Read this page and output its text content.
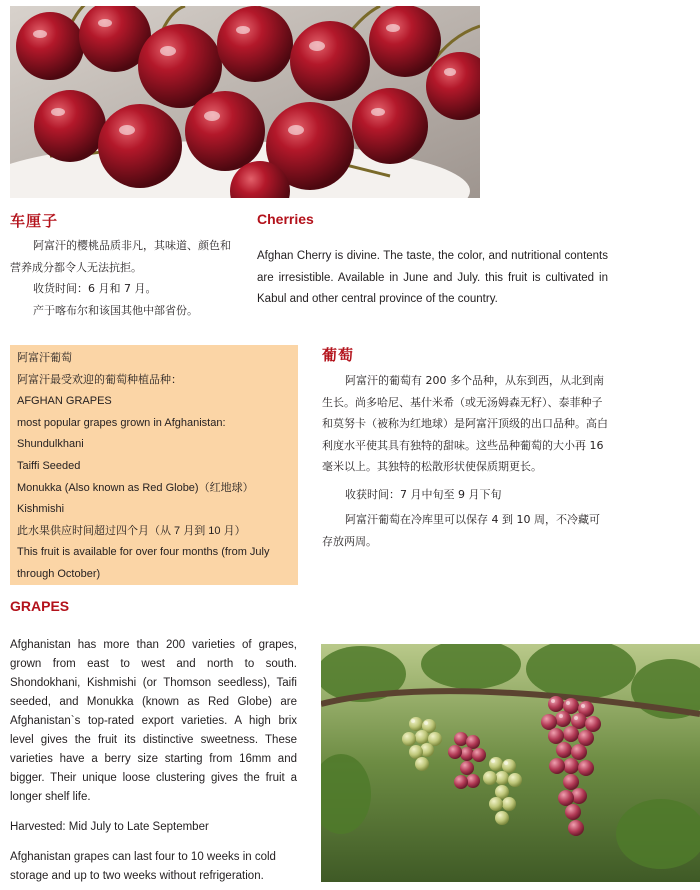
车厘子

阿富汗的樱桃品质非凡，其味道、颜色和营养成分都令人无法抗拒。

收货时间：6 月和 7 月。

产于喀布尔和该国其他中部省份。

Cherries
Afghan Cherry is divine. The taste, the color, and nutritional contents are irresistible. Available in June and July. this fruit is cultivated in Kabul and other central province of the country.
阿富汗葡萄
阿富汗最受欢迎的葡萄种植品种：
AFGHAN GRAPES
most popular grapes grown in Afghanistan:
Shundulkhani
Taiffi Seeded
Monukka (Also known as Red Globe)（红地球）
Kishmishi
此水果供应时间超过四个月（从 7 月到 10 月）
This fruit is available for over four months (from July
through October)
葡萄

阿富汗的葡萄有 200 多个品种，从东到西，从北到南生长。尚多哈尼、基什米希（或无汤姆森无籽）、泰菲种子和莫努卡（被称为红地球）是阿富汗顶级的出口品种。高白利度水平使其具有独特的甜味。这些品种葡萄的大小再 16 毫米以上。其独特的松散形状使保质期更长。

收获时间：7 月中旬至 9 月下旬

阿富汗葡萄在冷库里可以保存 4 到 10 周，不冷藏可存放两周。

GRAPES

Afghanistan has more than 200 varieties of grapes, grown from east to west and north to south. Shondokhani, Kishmishi (or Thomson seedless), Taifi seeded, and Monukka (known as Red Globe) are Afghanistan`s top-rated export varieties. A high brix level gives the fruit its distinctive sweetness. These varieties have a berry size starting from 16mm and bigger. Their unique loose clustering gives the fruit a longer shelf life.

Harvested: Mid July to Late September

Afghanistan grapes can last four to 10 weeks in cold storage and up to two weeks without refrigeration.
